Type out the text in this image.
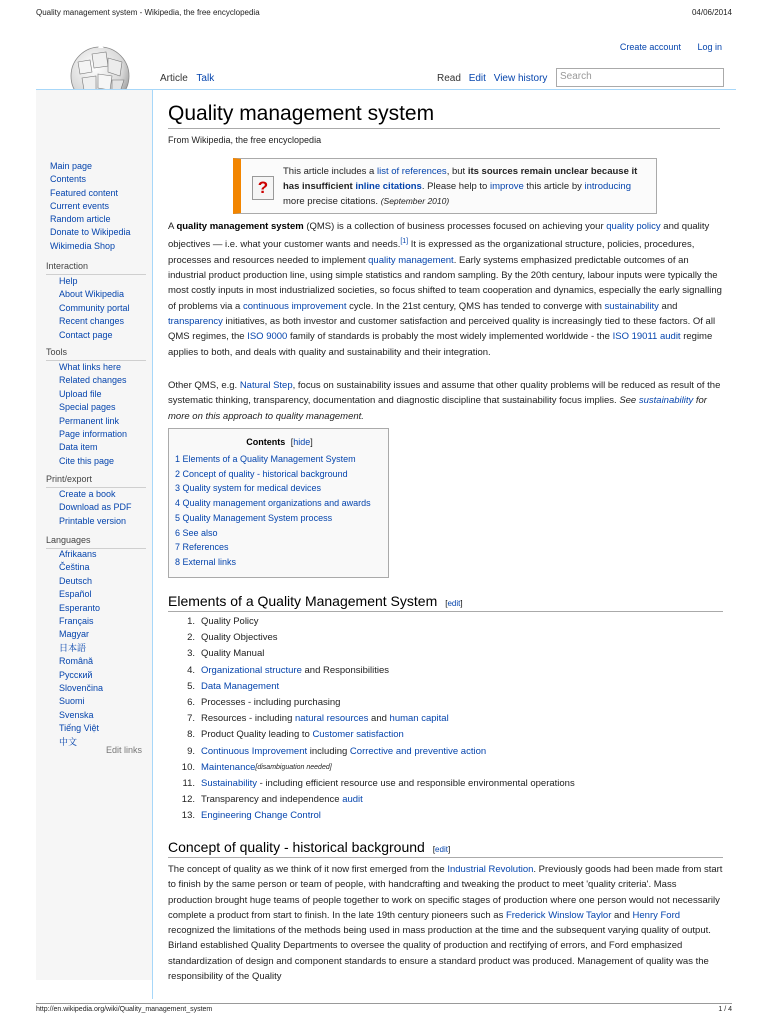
Quality management system - Wikipedia, the free encyclopedia	04/06/2014
Create account Log in
Main page
Contents
Featured content
Current events
Random article
Donate to Wikipedia
Wikimedia Shop
Interaction
Help
About Wikipedia
Community portal
Recent changes
Contact page
Tools
What links here
Related changes
Upload file
Special pages
Permanent link
Page information
Data item
Cite this page
Print/export
Create a book
Download as PDF
Printable version
Languages
Afrikaans
Čeština
Deutsch
Español
Esperanto
Français
Magyar
日本語
Română
Русский
Slovenčina
Suomi
Svenska
Tiếng Việt
中文
Edit links
Article Talk	Read Edit View history	Search
Quality management system
From Wikipedia, the free encyclopedia
?
This article includes a list of references, but its sources remain unclear because it has insufficient inline citations. Please help to improve this article by introducing more precise citations. (September 2010)
A quality management system (QMS) is a collection of business processes focused on achieving your quality policy and quality objectives — i.e. what your customer wants and needs.[1] It is expressed as the organizational structure, policies, procedures, processes and resources needed to implement quality management. Early systems emphasized predictable outcomes of an industrial product production line, using simple statistics and random sampling. By the 20th century, labour inputs were typically the most costly inputs in most industrialized societies, so focus shifted to team cooperation and dynamics, especially the early signalling of problems via a continuous improvement cycle. In the 21st century, QMS has tended to converge with sustainability and transparency initiatives, as both investor and customer satisfaction and perceived quality is increasingly tied to these factors. Of all QMS regimes, the ISO 9000 family of standards is probably the most widely implemented worldwide - the ISO 19011 audit regime applies to both, and deals with quality and sustainability and their integration.
Other QMS, e.g. Natural Step, focus on sustainability issues and assume that other quality problems will be reduced as result of the systematic thinking, transparency, documentation and diagnostic discipline that sustainability focus implies. See sustainability for more on this approach to quality management.
Contents [hide]
1 Elements of a Quality Management System
2 Concept of quality - historical background
3 Quality system for medical devices
4 Quality management organizations and awards
5 Quality Management System process
6 See also
7 References
8 External links
Elements of a Quality Management System [edit]
1. Quality Policy
2. Quality Objectives
3. Quality Manual
4. Organizational structure and Responsibilities
5. Data Management
6. Processes - including purchasing
7. Resources - including natural resources and human capital
8. Product Quality leading to Customer satisfaction
9. Continuous Improvement including Corrective and preventive action
10. Maintenance[disambiguation needed]
11. Sustainability - including efficient resource use and responsible environmental operations
12. Transparency and independence audit
13. Engineering Change Control
Concept of quality - historical background [edit]
The concept of quality as we think of it now first emerged from the Industrial Revolution. Previously goods had been made from start to finish by the same person or team of people, with handcrafting and tweaking the product to meet 'quality criteria'. Mass production brought huge teams of people together to work on specific stages of production where one person would not necessarily complete a product from start to finish. In the late 19th century pioneers such as Frederick Winslow Taylor and Henry Ford recognized the limitations of the methods being used in mass production at the time and the subsequent varying quality of output. Birland established Quality Departments to oversee the quality of production and rectifying of errors, and Ford emphasized standardization of design and component standards to ensure a standard product was produced. Management of quality was the responsibility of the Quality
http://en.wikipedia.org/wiki/Quality_management_system	1 / 4
